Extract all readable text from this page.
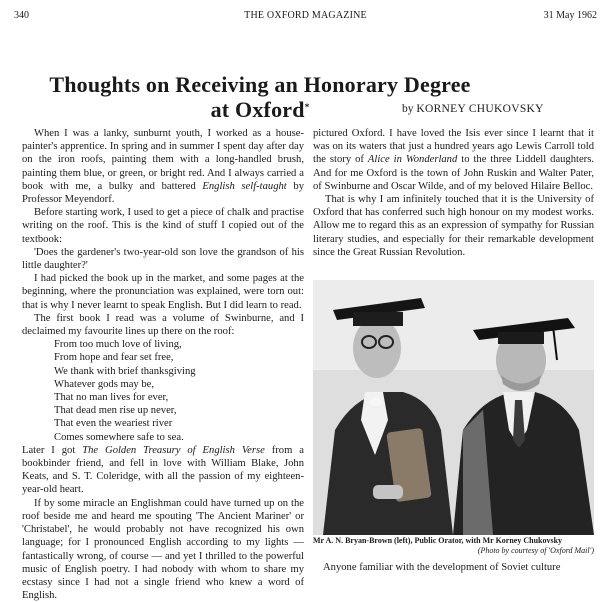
340	THE OXFORD MAGAZINE	31 May 1962
Thoughts on Receiving an Honorary Degree
at Oxford*	by KORNEY CHUKOVSKY

When I was a lanky, sunburnt youth, I worked as a house-painter's apprentice. In spring and in summer I spent day after day on the iron roofs, painting them with a long-handled brush, painting them blue, or green, or bright red. And I always carried a book with me, a bulky and battered English self-taught by Professor Meyendorf.

Before starting work, I used to get a piece of chalk and practise writing on the roof. This is the kind of stuff I copied out of the textbook:

'Does the gardener's two-year-old son love the grandson of his little daughter?'

I had picked the book up in the market, and some pages at the beginning, where the pronunciation was explained, were torn out: that is why I never learnt to speak English. But I did learn to read.

The first book I read was a volume of Swinburne, and I declaimed my favourite lines up there on the roof:

From too much love of living,
From hope and fear set free,
We thank with brief thanksgiving
Whatever gods may be,
That no man lives for ever,
That dead men rise up never,
That even the weariest river
Comes somewhere safe to sea.

Later I got The Golden Treasury of English Verse from a bookbinder friend, and fell in love with William Blake, John Keats, and S. T. Coleridge, with all the passion of my eighteen-year-old heart.

If by some miracle an Englishman could have turned up on the roof beside me and heard me spouting 'The Ancient Mariner' or 'Christabel', he would probably not have recognized his own language; for I pronounced English according to my lights — fantastically wrong, of course — and yet I thrilled to the powerful music of English poetry. I had nobody with whom to share my ecstasy since I had not a single friend who knew a word of English.

pictured Oxford. I have loved the Isis ever since I learnt that it was on its waters that just a hundred years ago Lewis Carroll told the story of Alice in Wonderland to the three Liddell daughters. And for me Oxford is the town of John Ruskin and Walter Pater, of Swinburne and Oscar Wilde, and of my beloved Hilaire Belloc.

That is why I am infinitely touched that it is the University of Oxford that has conferred such high honour on my modest works. Allow me to regard this as an expression of sympathy for Russian literary studies, and especially for their remarkable development since the Great Russian Revolution.

Mr A. N. Bryan-Brown (left), Public Orator, with Mr Korney Chukovsky
(Photo by courtesy of 'Oxford Mail')
Anyone familiar with the development of Soviet culture
